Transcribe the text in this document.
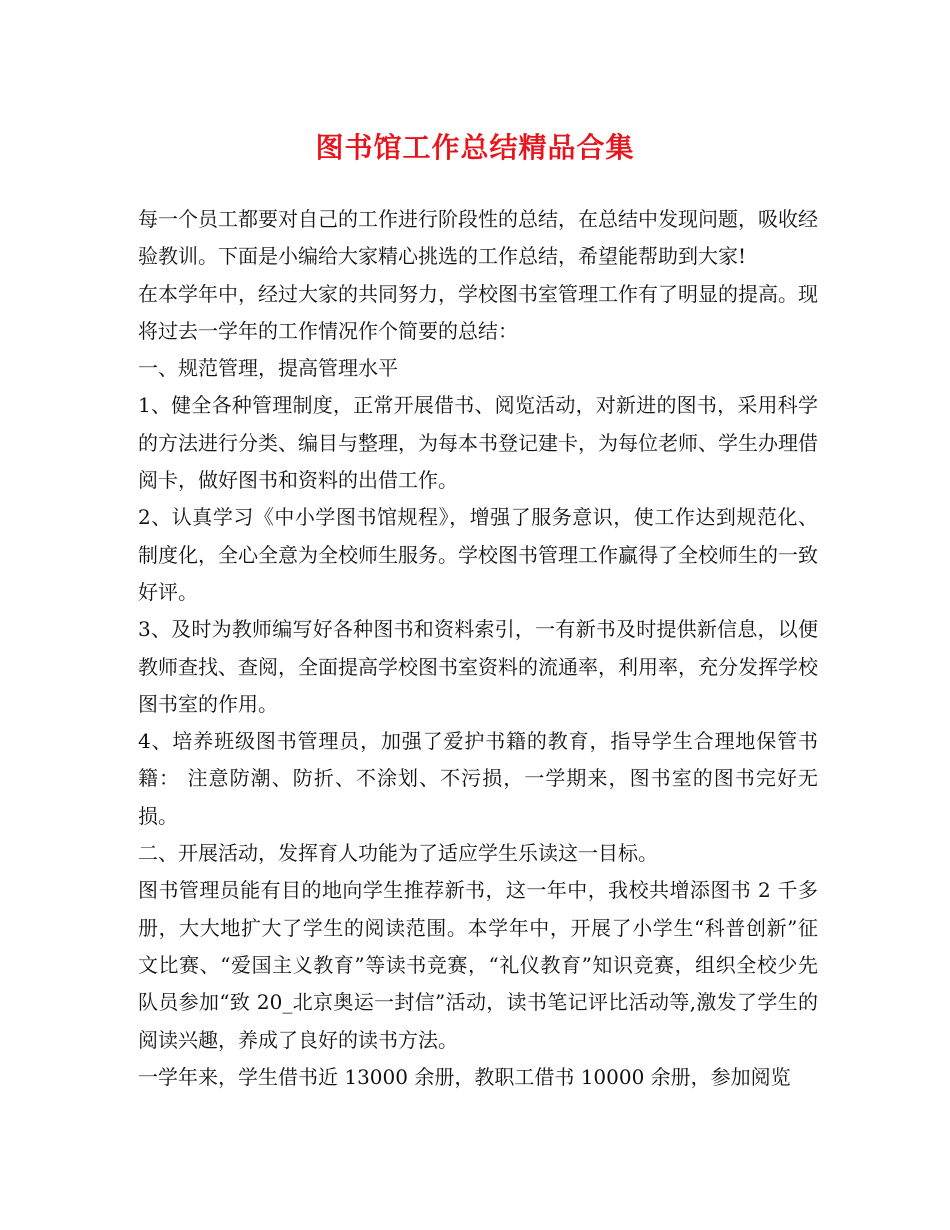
图书馆工作总结精品合集

每一个员工都要对自己的工作进行阶段性的总结，在总结中发现问题，吸收经验教训。下面是小编给大家精心挑选的工作总结，希望能帮助到大家!

在本学年中，经过大家的共同努力，学校图书室管理工作有了明显的提高。现将过去一学年的工作情况作个简要的总结：

一、规范管理，提高管理水平

1、健全各种管理制度，正常开展借书、阅览活动，对新进的图书，采用科学的方法进行分类、编目与整理，为每本书登记建卡，为每位老师、学生办理借阅卡，做好图书和资料的出借工作。

2、认真学习《中小学图书馆规程》，增强了服务意识，使工作达到规范化、制度化，全心全意为全校师生服务。学校图书管理工作赢得了全校师生的一致好评。

3、及时为教师编写好各种图书和资料索引，一有新书及时提供新信息，以便教师查找、查阅，全面提高学校图书室资料的流通率，利用率，充分发挥学校图书室的作用。

4、培养班级图书管理员，加强了爱护书籍的教育，指导学生合理地保管书籍： 注意防潮、防折、不涂划、不污损，一学期来，图书室的图书完好无损。

二、开展活动，发挥育人功能为了适应学生乐读这一目标。

图书管理员能有目的地向学生推荐新书，这一年中，我校共增添图书 2 千多册，大大地扩大了学生的阅读范围。本学年中，开展了小学生“科普创新”征文比赛、“爱国主义教育”等读书竞赛，“礼仪教育”知识竞赛，组织全校少先队员参加“致 20_北京奥运一封信”活动，读书笔记评比活动等,激发了学生的阅读兴趣，养成了良好的读书方法。

一学年来，学生借书近 13000 余册，教职工借书 10000 余册，参加阅览
